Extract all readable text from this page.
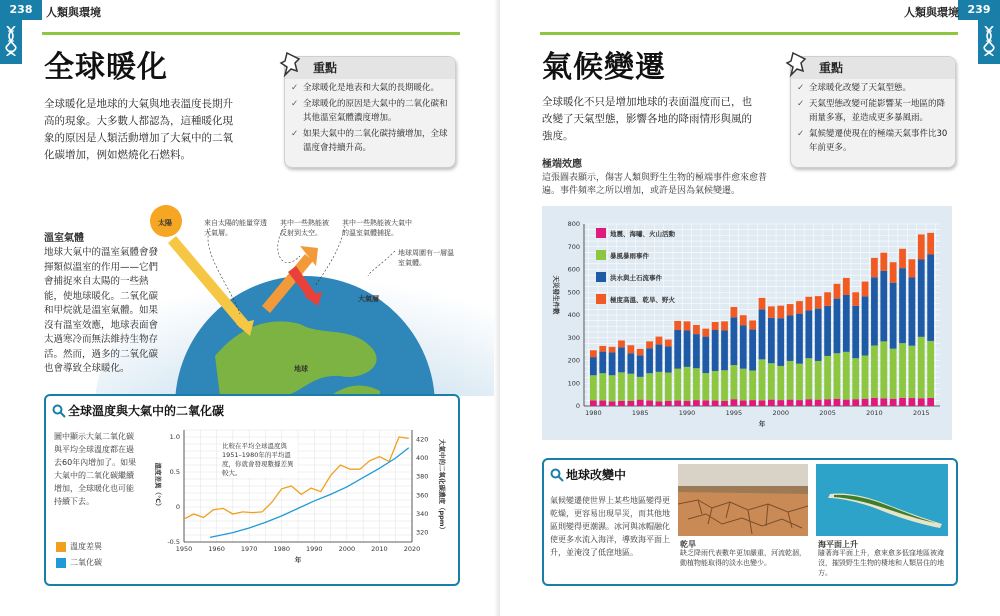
238	人類與環境
全球暖化
全球暖化是地球的大氣與地表溫度長期升高的現象。大多數人都認為，這種暖化現象的原因是人類活動增加了大氣中的二氧化碳增加，例如燃燒化石燃料。
重點
✓ 全球暖化是地表和大氣的長期暖化。
✓ 全球暖化的原因是大氣中的二氧化碳和其他溫室氣體濃度增加。
✓ 如果大氣中的二氧化碳持續增加，全球溫度會持續升高。
太陽
地球
大氣層
來自太陽的能量穿透大氣層。
其中一些熱能被反射到太空。
其中一些熱能被大氣中的溫室氣體捕捉。
地球周圍有一層溫室氣體。
溫室氣體
地球大氣中的溫室氣體會發揮類似溫室的作用——它們會捕捉來自太陽的一些熱能，使地球暖化。二氧化碳和甲烷就是溫室氣體。如果沒有溫室效應，地球表面會太過寒冷而無法維持生物存活。然而，過多的二氧化碳也會導致全球暖化。
全球溫度與大氣中的二氧化碳
圖中顯示大氣二氧化碳與平均全球溫度都在過去60年內增加了。如果大氣中的二氧化碳繼續增加，全球暖化也可能持續下去。
溫度差異
二氧化碳
1950 1960 1970 1980 1990 2000 2010 2020
-0.5
0
0.5
1.0
320
340
360
380
400
420
年
溫度差異（°C）	大氣中的二氧化碳濃度（ppm）
比較在平均全球溫度與1951–1980年的平均溫度，你就會發現數據差異較大。
239
人類與環境
氣候變遷
全球暖化不只是增加地球的表面溫度而已，也改變了天氣型態，影響各地的降雨情形與風的強度。
重點
✓ 全球暖化改變了天氣型態。
✓ 天氣型態改變可能影響某一地區的降雨量多寡，並造成更多暴風雨。
✓ 氣候變遷使現在的極端天氣事件比30年前更多。
極端效應
這張圖表顯示，傷害人類與野生生物的極端事件愈來愈普遍。事件頻率之所以增加，或許是因為氣候變遷。
0
100
200
300
400
500
600
700
800
1980	1985	1990	1995	2000	2005	2010	2015
年
天災發生件數
地震、海嘯、火山活動
暴風暴雨事件
洪水與土石流事件
極度高溫、乾旱、野火
地球改變中
氣候變遷使世界上某些地區變得更乾燥，更容易出現旱災，而其他地區則變得更潮濕。冰河與冰帽融化使更多水流入海洋，導致海平面上升，並淹沒了低窪地區。
乾旱
缺乏降雨代表數年更加嚴重，河流乾涸，動植物能取得的淡水也變少。
海平面上升
隨著海平面上升，愈來愈多低窪地區被淹沒，摧毀野生生物的棲地和人類居住的地方。
